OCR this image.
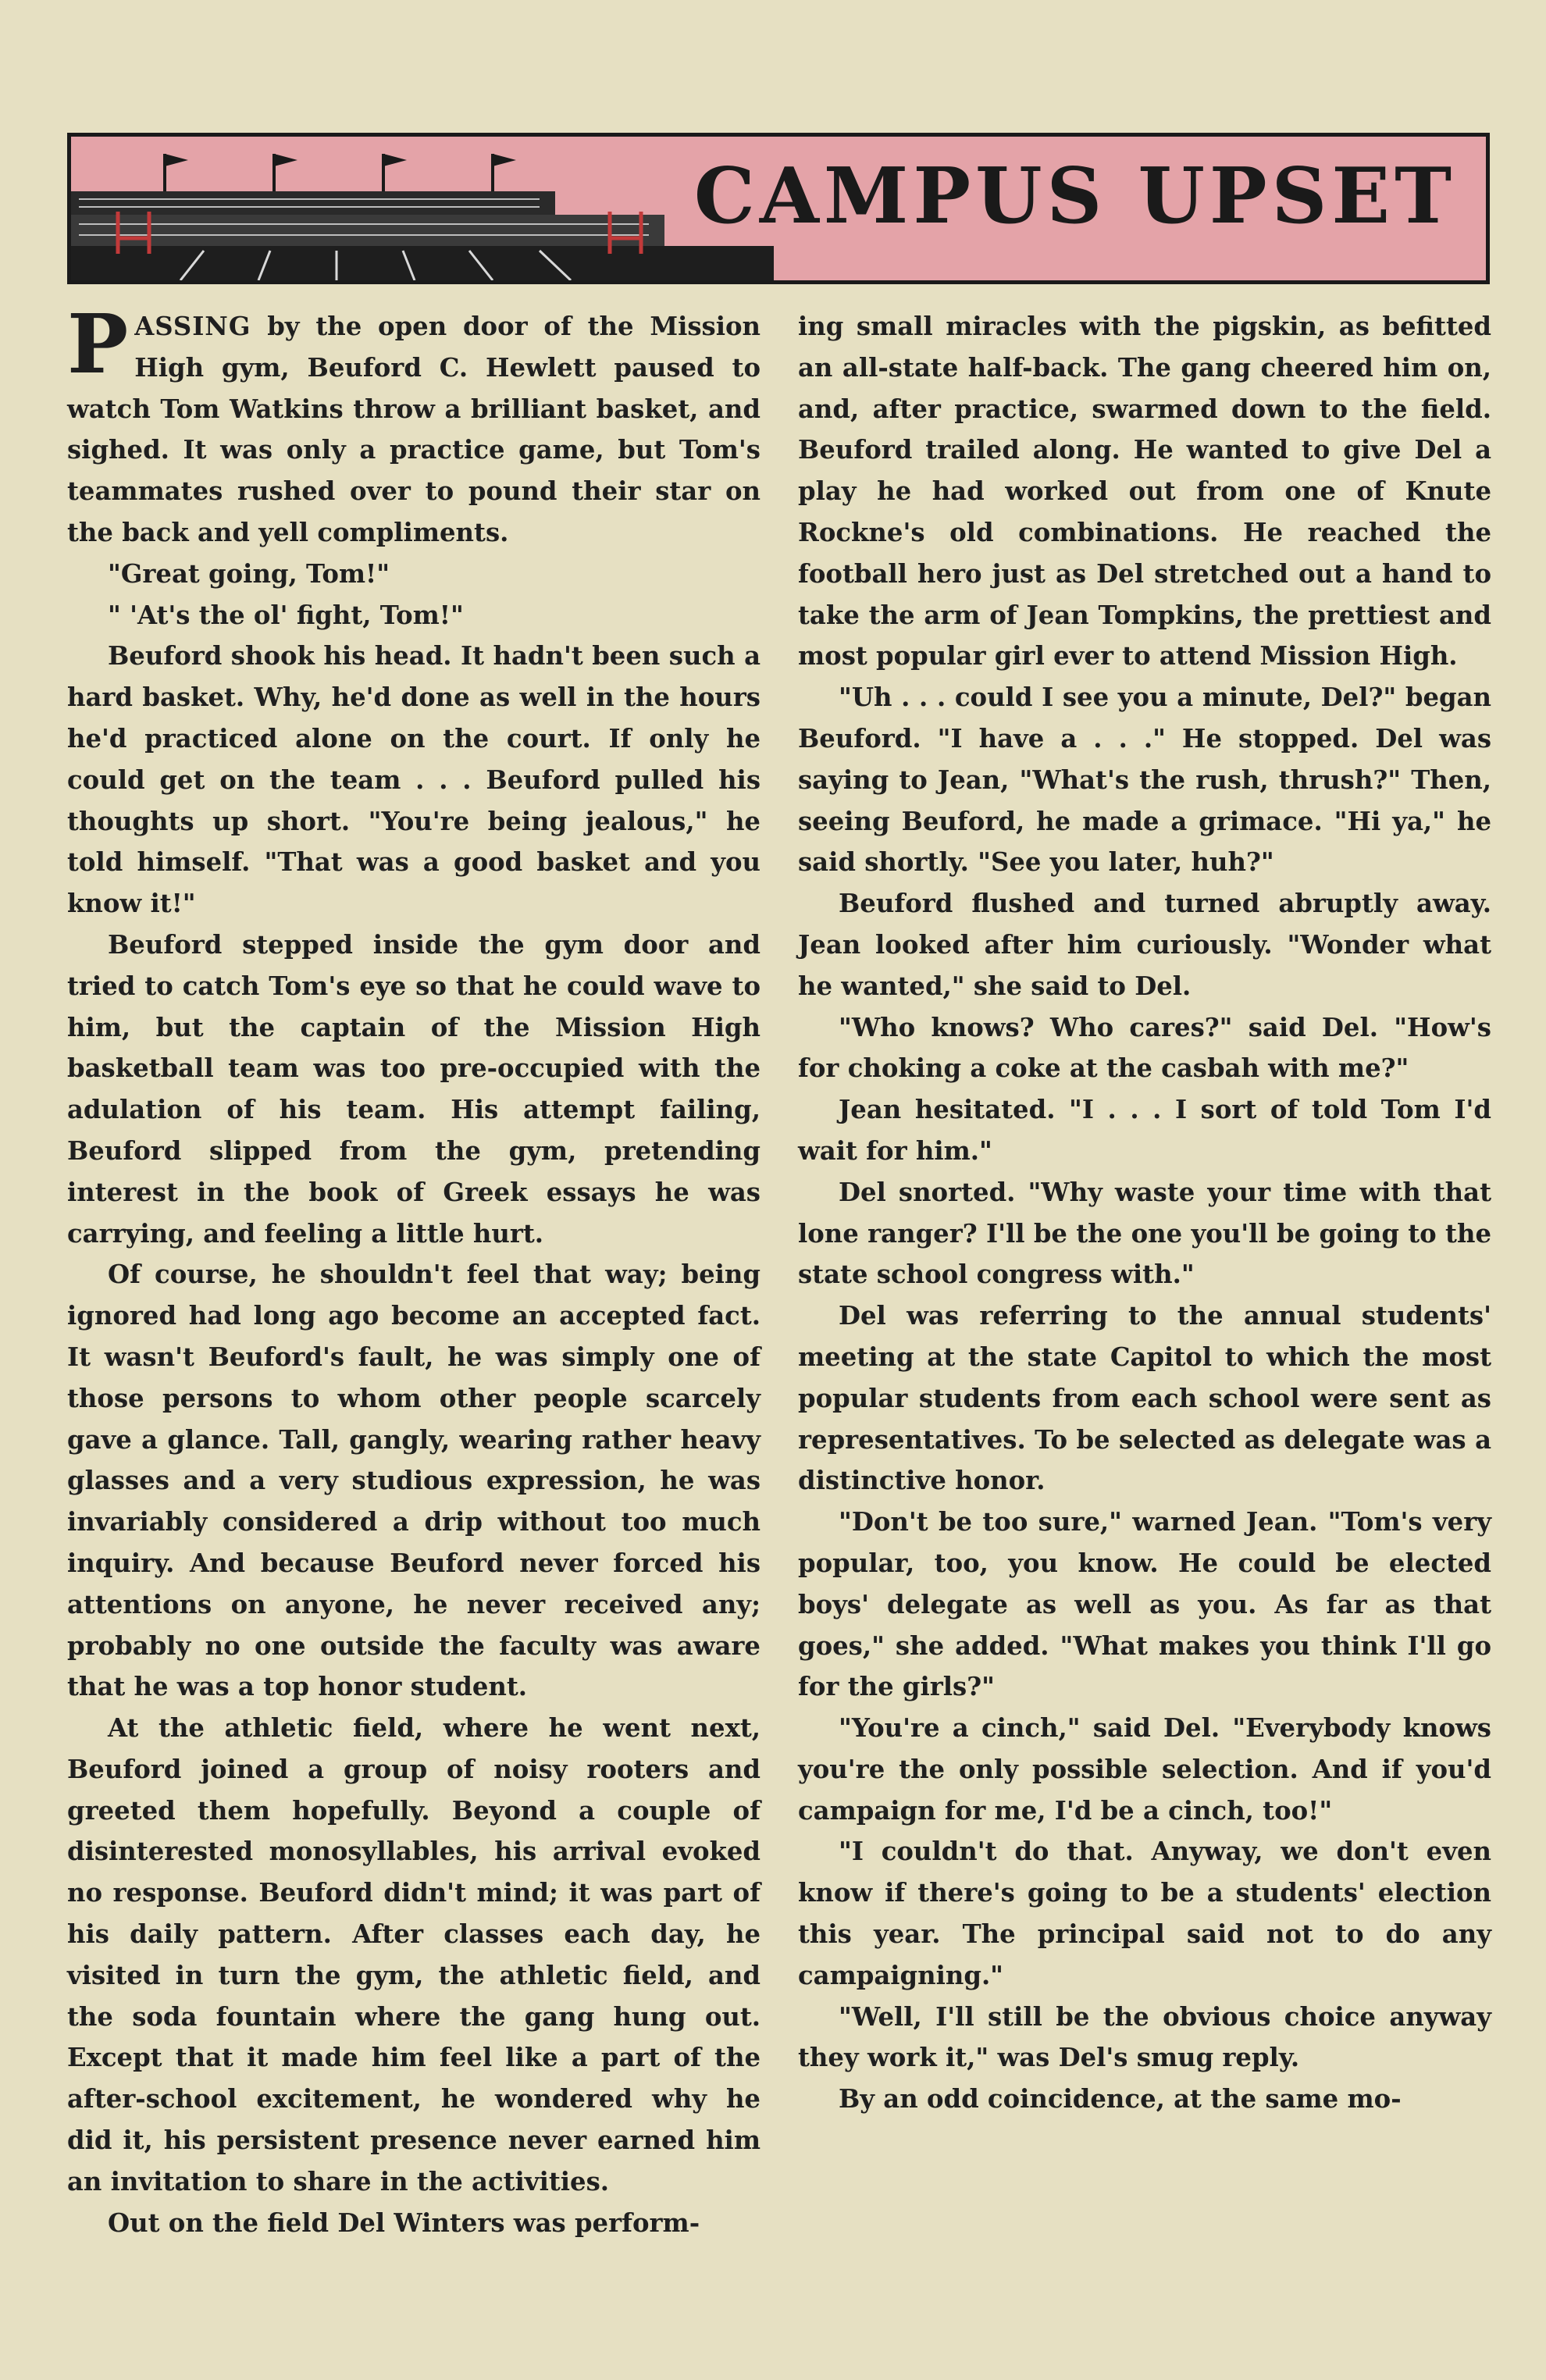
CAMPUS UPSET

PASSING by the open door of the Mission High gym, Beuford C. Hewlett paused to watch Tom Watkins throw a brilliant basket, and sighed. It was only a practice game, but Tom's teammates rushed over to pound their star on the back and yell compliments.

"Great going, Tom!"

" 'At's the ol' fight, Tom!"

Beuford shook his head. It hadn't been such a hard basket. Why, he'd done as well in the hours he'd practiced alone on the court. If only he could get on the team . . . Beuford pulled his thoughts up short. "You're being jealous," he told himself. "That was a good basket and you know it!"

Beuford stepped inside the gym door and tried to catch Tom's eye so that he could wave to him, but the captain of the Mission High basketball team was too pre-occupied with the adulation of his team. His attempt failing, Beuford slipped from the gym, pretending interest in the book of Greek essays he was carrying, and feeling a little hurt.

Of course, he shouldn't feel that way; being ignored had long ago become an accepted fact. It wasn't Beuford's fault, he was simply one of those persons to whom other people scarcely gave a glance. Tall, gangly, wearing rather heavy glasses and a very studious expression, he was invariably considered a drip without too much inquiry. And because Beuford never forced his attentions on anyone, he never received any; probably no one outside the faculty was aware that he was a top honor student.

At the athletic field, where he went next, Beuford joined a group of noisy rooters and greeted them hopefully. Beyond a couple of disinterested monosyllables, his arrival evoked no response. Beuford didn't mind; it was part of his daily pattern. After classes each day, he visited in turn the gym, the athletic field, and the soda fountain where the gang hung out. Except that it made him feel like a part of the after-school excitement, he wondered why he did it, his persistent presence never earned him an invitation to share in the activities.

Out on the field Del Winters was perform-

ing small miracles with the pigskin, as befitted an all-state half-back. The gang cheered him on, and, after practice, swarmed down to the field. Beuford trailed along. He wanted to give Del a play he had worked out from one of Knute Rockne's old combinations. He reached the football hero just as Del stretched out a hand to take the arm of Jean Tompkins, the prettiest and most popular girl ever to attend Mission High.

"Uh . . . could I see you a minute, Del?" began Beuford. "I have a . . ." He stopped. Del was saying to Jean, "What's the rush, thrush?" Then, seeing Beuford, he made a grimace. "Hi ya," he said shortly. "See you later, huh?"

Beuford flushed and turned abruptly away. Jean looked after him curiously. "Wonder what he wanted," she said to Del.

"Who knows? Who cares?" said Del. "How's for choking a coke at the casbah with me?"

Jean hesitated. "I . . . I sort of told Tom I'd wait for him."

Del snorted. "Why waste your time with that lone ranger? I'll be the one you'll be going to the state school congress with."

Del was referring to the annual students' meeting at the state Capitol to which the most popular students from each school were sent as representatives. To be selected as delegate was a distinctive honor.

"Don't be too sure," warned Jean. "Tom's very popular, too, you know. He could be elected boys' delegate as well as you. As far as that goes," she added. "What makes you think I'll go for the girls?"

"You're a cinch," said Del. "Everybody knows you're the only possible selection. And if you'd campaign for me, I'd be a cinch, too!"

"I couldn't do that. Anyway, we don't even know if there's going to be a students' election this year. The principal said not to do any campaigning."

"Well, I'll still be the obvious choice anyway they work it," was Del's smug reply.

By an odd coincidence, at the same mo-
